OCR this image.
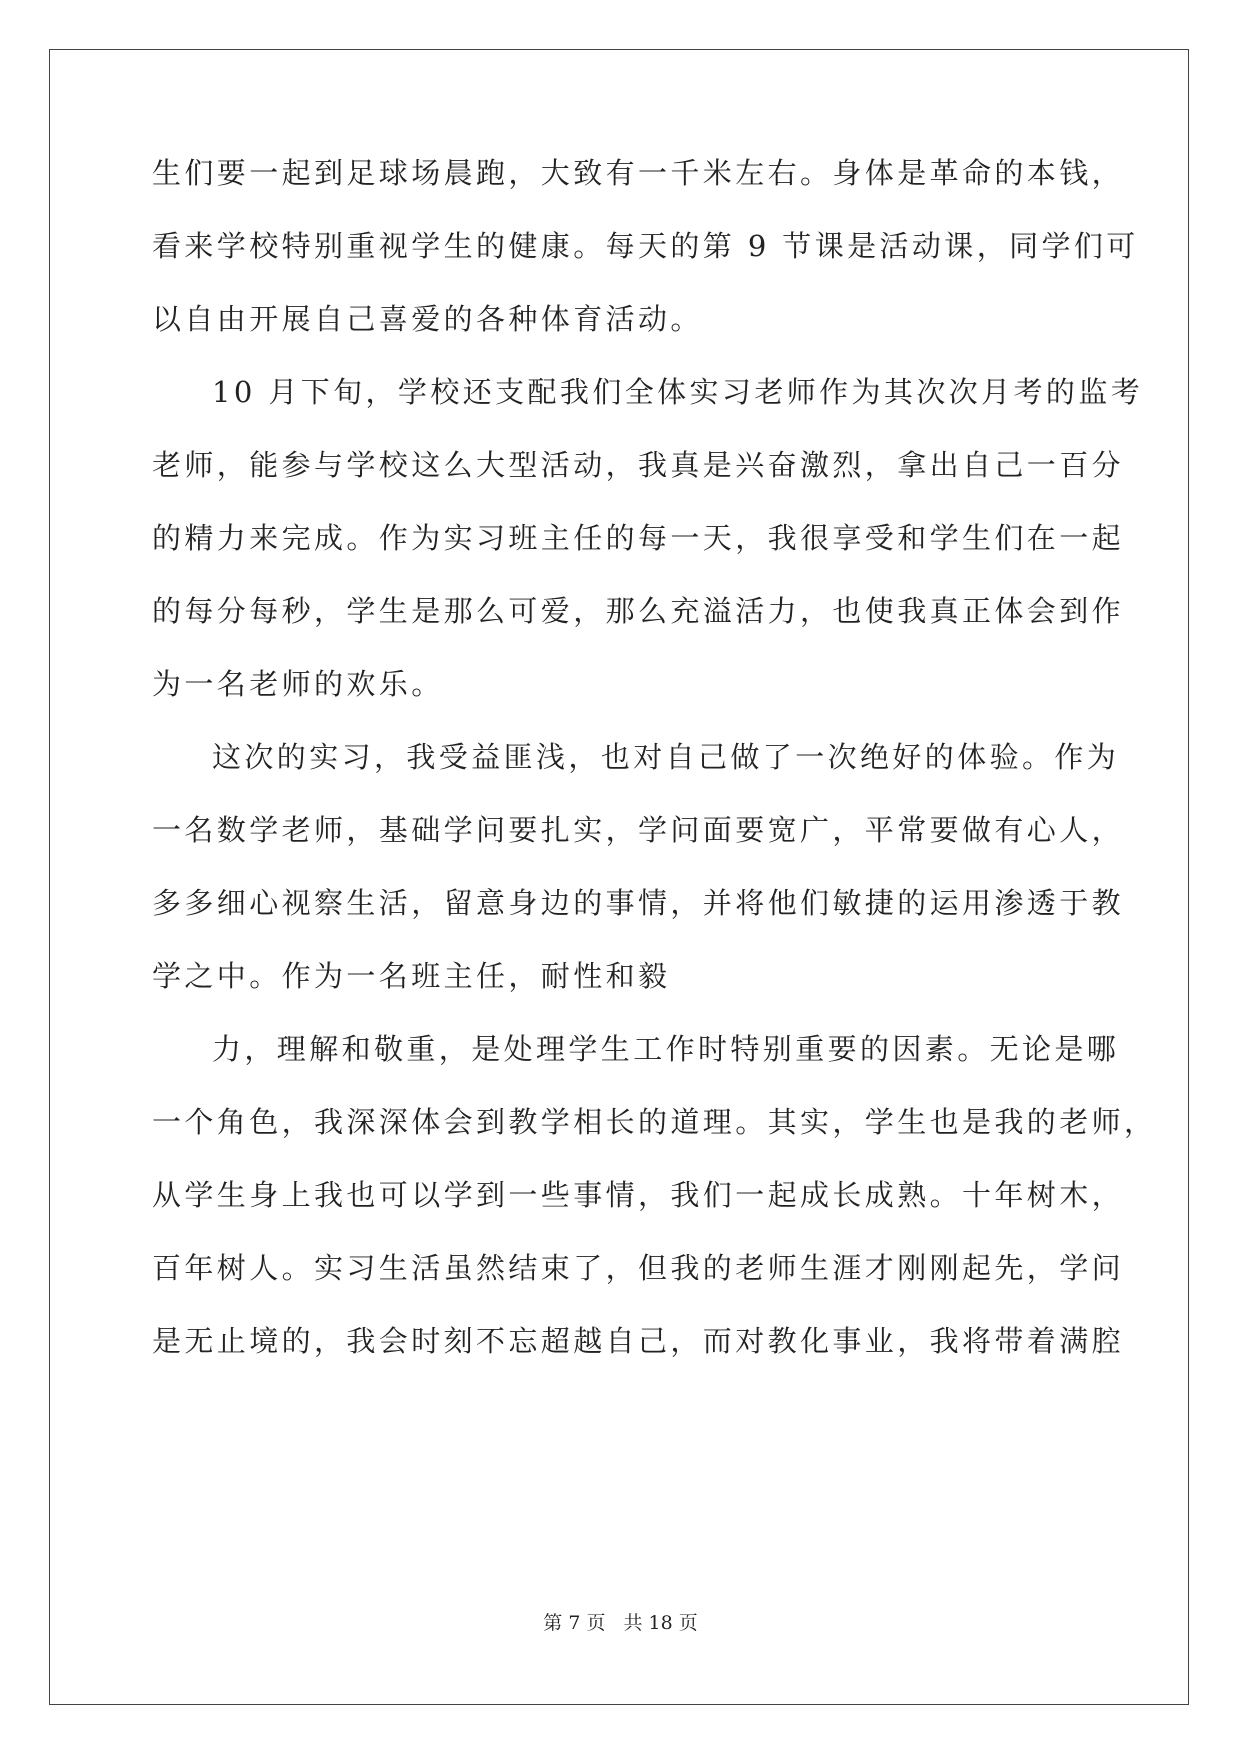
生们要一起到足球场晨跑，大致有一千米左右。身体是革命的本钱，
看来学校特别重视学生的健康。每天的第 9 节课是活动课，同学们可
以自由开展自己喜爱的各种体育活动。
10 月下旬，学校还支配我们全体实习老师作为其次次月考的监考
老师，能参与学校这么大型活动，我真是兴奋激烈，拿出自己一百分
的精力来完成。作为实习班主任的每一天，我很享受和学生们在一起
的每分每秒，学生是那么可爱，那么充溢活力，也使我真正体会到作
为一名老师的欢乐。
这次的实习，我受益匪浅，也对自己做了一次绝好的体验。作为
一名数学老师，基础学问要扎实，学问面要宽广，平常要做有心人，
多多细心视察生活，留意身边的事情，并将他们敏捷的运用渗透于教
学之中。作为一名班主任，耐性和毅
力，理解和敬重，是处理学生工作时特别重要的因素。无论是哪
一个角色，我深深体会到教学相长的道理。其实，学生也是我的老师，
从学生身上我也可以学到一些事情，我们一起成长成熟。十年树木，
百年树人。实习生活虽然结束了，但我的老师生涯才刚刚起先，学问
是无止境的，我会时刻不忘超越自己，而对教化事业，我将带着满腔
第 7 页 共 18 页
